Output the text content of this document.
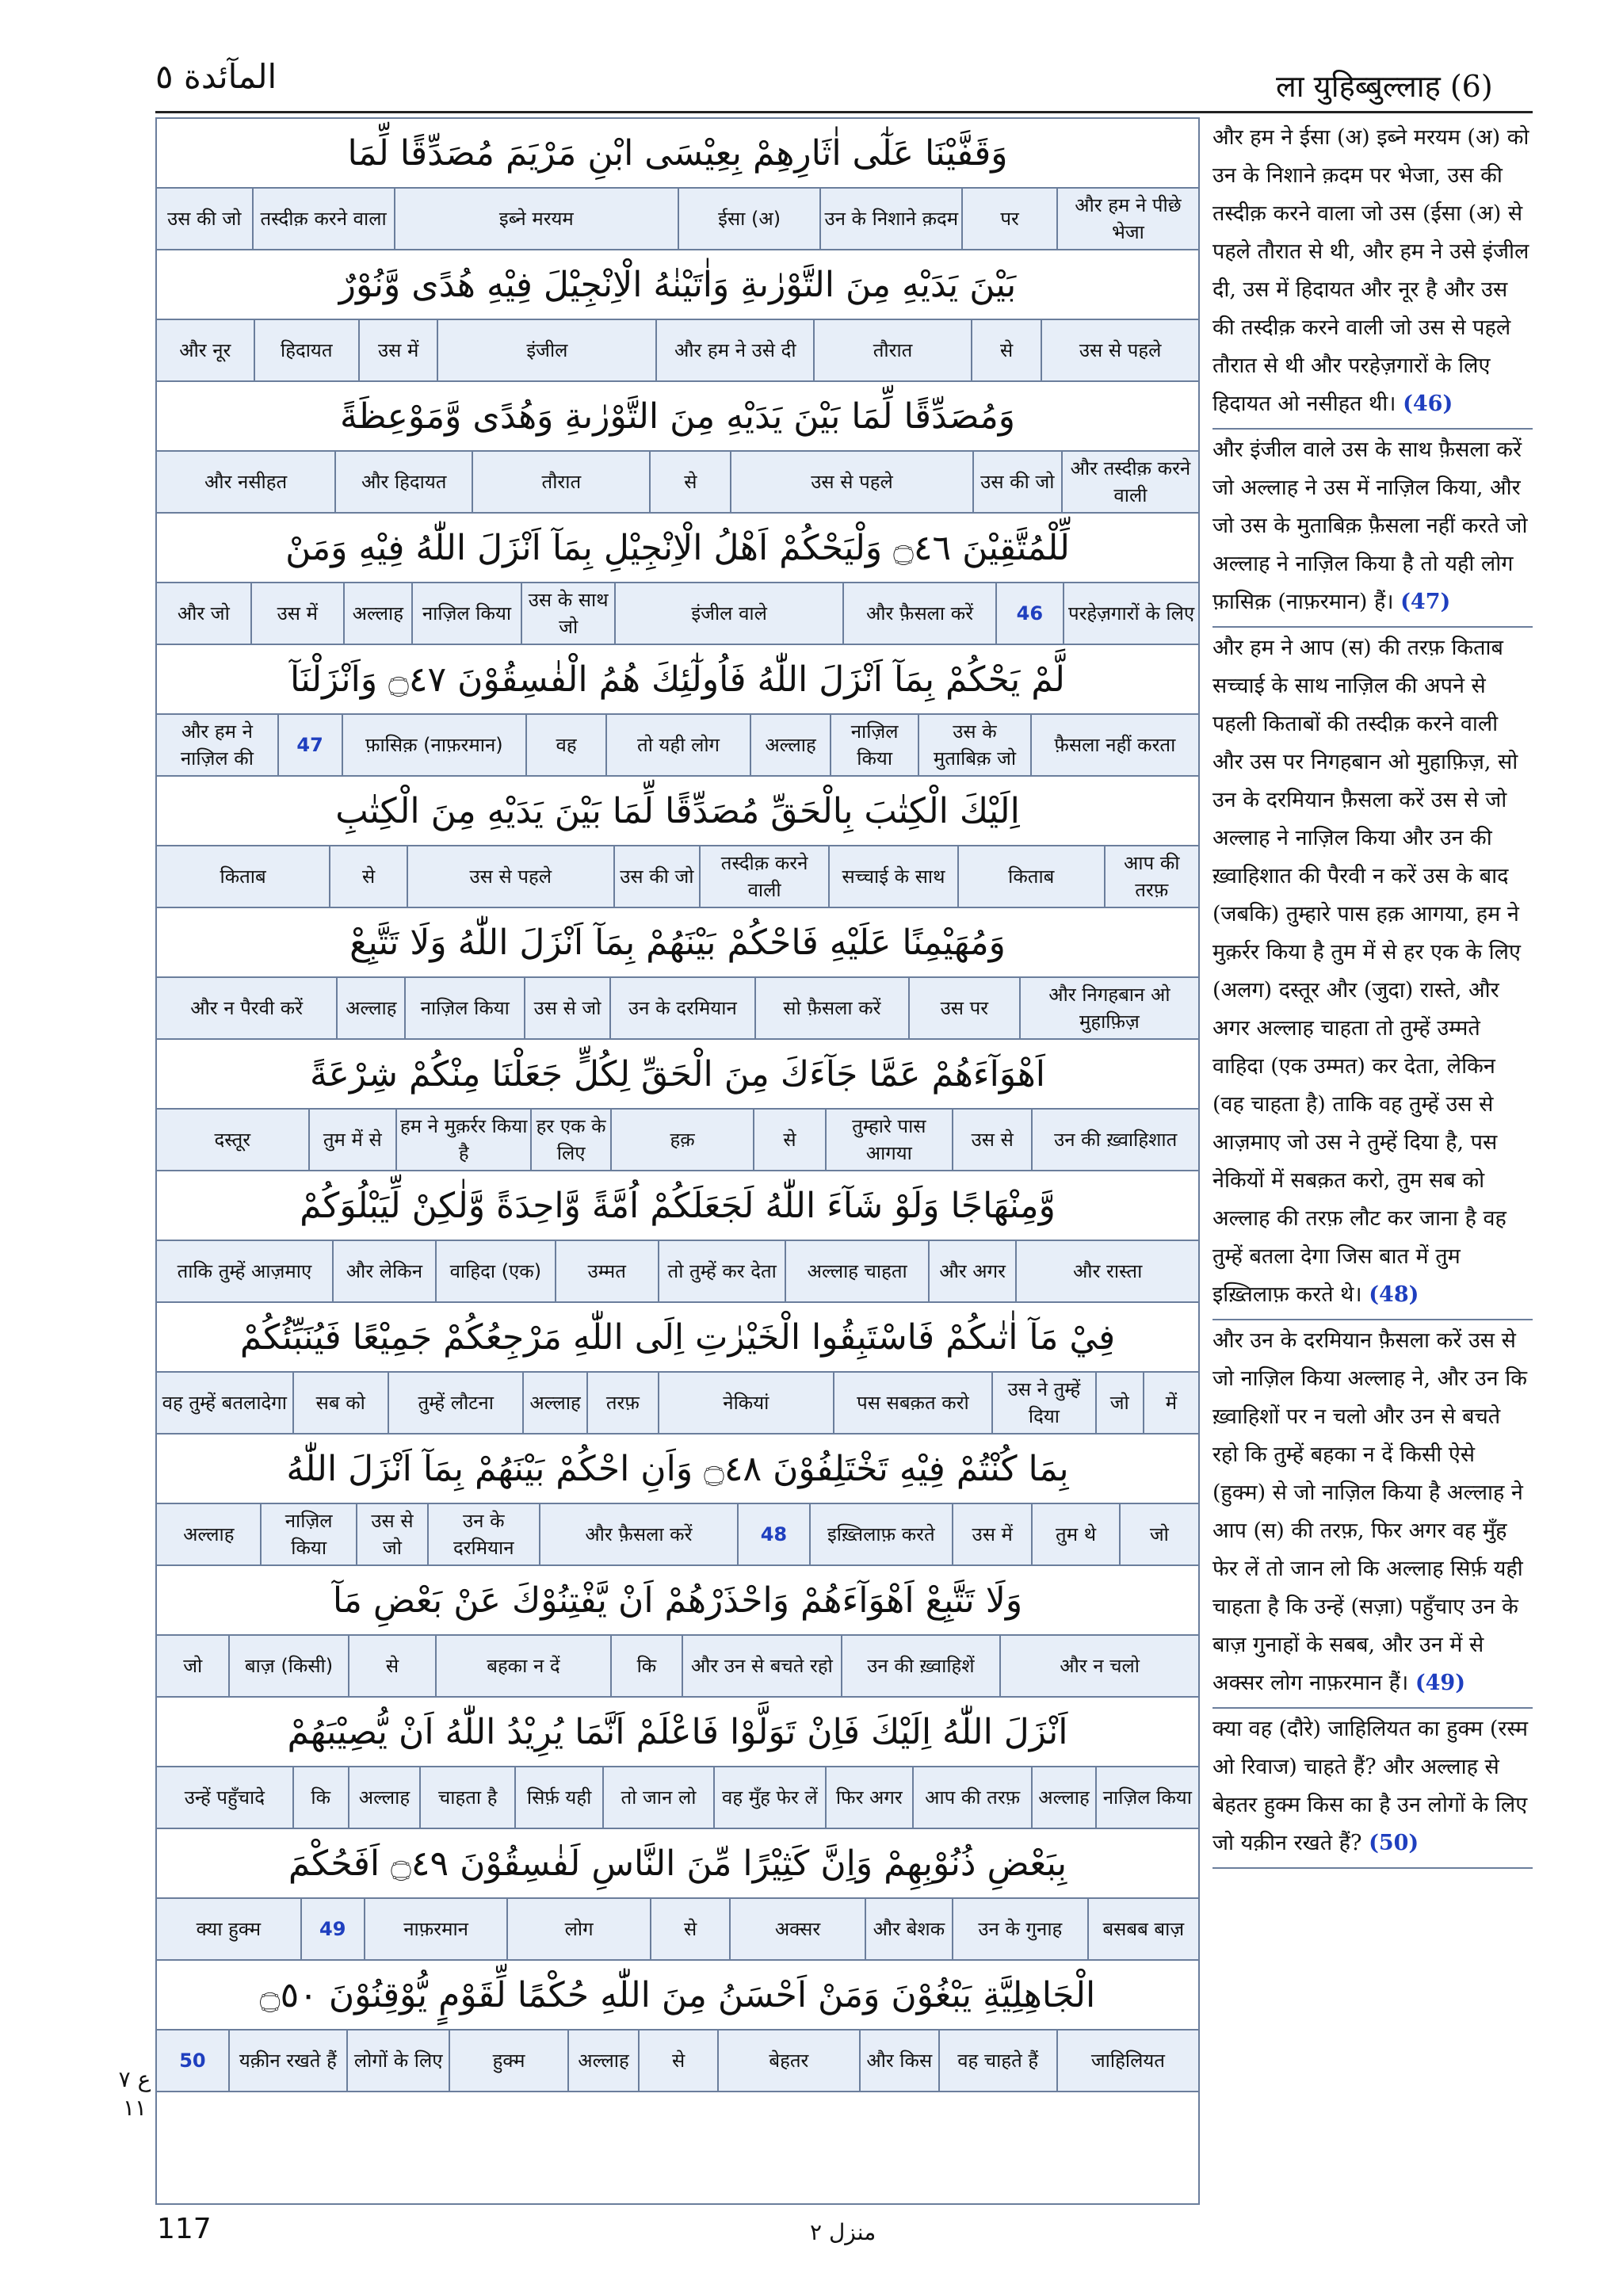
ला युहिब्बुल्लाह (6)
المآئدة ٥
وَقَفَّيْنَا عَلٰٓى اٰثَارِهِمْ بِعِيْسَى ابْنِ مَرْيَمَ مُصَدِّقًا لِّمَا
और हम ने पीछे भेजा
पर
उन के निशाने क़दम
ईसा (अ)
इब्ने मरयम
तस्दीक़ करने वाला
उस की जो
بَيْنَ يَدَيْهِ مِنَ التَّوْرٰىةِ وَاٰتَيْنٰهُ الْاِنْجِيْلَ فِيْهِ هُدًى وَّنُوْرٌ
उस से पहले
से
तौरात
और हम ने उसे दी
इंजील
उस में
हिदायत
और नूर
وَمُصَدِّقًا لِّمَا بَيْنَ يَدَيْهِ مِنَ التَّوْرٰىةِ وَهُدًى وَّمَوْعِظَةً
और तस्दीक़ करने वाली
उस की जो
उस से पहले
से
तौरात
और हिदायत
और नसीहत
لِّلْمُتَّقِيْنَ ۝٤٦ وَلْيَحْكُمْ اَهْلُ الْاِنْجِيْلِ بِمَآ اَنْزَلَ اللّٰهُ فِيْهِ وَمَنْ
परहेज़गारों के लिए
46
और फ़ैसला करें
इंजील वाले
उस के साथ जो
नाज़िल किया
अल्लाह
उस में
और जो
لَّمْ يَحْكُمْ بِمَآ اَنْزَلَ اللّٰهُ فَاُولٰٓئِكَ هُمُ الْفٰسِقُوْنَ ۝٤٧ وَاَنْزَلْنَآ
फ़ैसला नहीं करता
उस के मुताबिक़ जो
नाज़िल किया
अल्लाह
तो यही लोग
वह
फ़ासिक़ (नाफ़रमान)
47
और हम ने नाज़िल की
اِلَيْكَ الْكِتٰبَ بِالْحَقِّ مُصَدِّقًا لِّمَا بَيْنَ يَدَيْهِ مِنَ الْكِتٰبِ
आप की तरफ़
किताब
सच्चाई के साथ
तस्दीक़ करने वाली
उस की जो
उस से पहले
से
किताब
وَمُهَيْمِنًا عَلَيْهِ فَاحْكُمْ بَيْنَهُمْ بِمَآ اَنْزَلَ اللّٰهُ وَلَا تَتَّبِعْ
और निगहबान ओ मुहाफ़िज़
उस पर
सो फ़ैसला करें
उन के दरमियान
उस से जो
नाज़िल किया
अल्लाह
और न पैरवी करें
اَهْوَآءَهُمْ عَمَّا جَآءَكَ مِنَ الْحَقِّ لِكُلٍّ جَعَلْنَا مِنْكُمْ شِرْعَةً
उन की ख़्वाहिशात
उस से
तुम्हारे पास आगया
से
हक़
हर एक के लिए
हम ने मुक़र्रर किया है
तुम में से
दस्तूर
وَّمِنْهَاجًا وَلَوْ شَآءَ اللّٰهُ لَجَعَلَكُمْ اُمَّةً وَّاحِدَةً وَّلٰكِنْ لِّيَبْلُوَكُمْ
और रास्ता
और अगर
अल्लाह चाहता
तो तुम्हें कर देता
उम्मत
वाहिदा (एक)
और लेकिन
ताकि तुम्हें आज़माए
فِيْ مَآ اٰتٰىكُمْ فَاسْتَبِقُوا الْخَيْرٰتِ اِلَى اللّٰهِ مَرْجِعُكُمْ جَمِيْعًا فَيُنَبِّئُكُمْ
में
जो
उस ने तुम्हें दिया
पस सबक़त करो
नेकियां
तरफ़
अल्लाह
तुम्हें लौटना
सब को
वह तुम्हें बतलादेगा
بِمَا كُنْتُمْ فِيْهِ تَخْتَلِفُوْنَ ۝٤٨ وَاَنِ احْكُمْ بَيْنَهُمْ بِمَآ اَنْزَلَ اللّٰهُ
जो
तुम थे
उस में
इख़्तिलाफ़ करते
48
और फ़ैसला करें
उन के दरमियान
उस से जो
नाज़िल किया
अल्लाह
وَلَا تَتَّبِعْ اَهْوَآءَهُمْ وَاحْذَرْهُمْ اَنْ يَّفْتِنُوْكَ عَنْ بَعْضِ مَآ
और न चलो
उन की ख़्वाहिशें
और उन से बचते रहो
कि
बहका न दें
से
बाज़ (किसी)
जो
اَنْزَلَ اللّٰهُ اِلَيْكَ فَاِنْ تَوَلَّوْا فَاعْلَمْ اَنَّمَا يُرِيْدُ اللّٰهُ اَنْ يُّصِيْبَهُمْ
नाज़िल किया
अल्लाह
आप की तरफ़
फिर अगर
वह मुँह फेर लें
तो जान लो
सिर्फ़ यही
चाहता है
अल्लाह
कि
उन्हें पहुँचादे
بِبَعْضِ ذُنُوْبِهِمْ وَاِنَّ كَثِيْرًا مِّنَ النَّاسِ لَفٰسِقُوْنَ ۝٤٩ اَفَحُكْمَ
बसबब बाज़
उन के गुनाह
और बेशक
अक्सर
से
लोग
नाफ़रमान
49
क्या हुक्म
الْجَاهِلِيَّةِ يَبْغُوْنَ وَمَنْ اَحْسَنُ مِنَ اللّٰهِ حُكْمًا لِّقَوْمٍ يُّوْقِنُوْنَ ۝٥٠
जाहिलियत
वह चाहते हैं
और किस
बेहतर
से
अल्लाह
हुक्म
लोगों के लिए
यक़ीन रखते हैं
50
और हम ने ईसा (अ) इब्ने मरयम (अ) को उन के निशाने क़दम पर भेजा, उस की तस्दीक़ करने वाला जो उस (ईसा (अ) से पहले तौरात से थी, और हम ने उसे इंजील दी, उस में हिदायत और नूर है और उस की तस्दीक़ करने वाली जो उस से पहले तौरात से थी और परहेज़गारों के लिए हिदायत ओ नसीहत थी। (46)
और इंजील वाले उस के साथ फ़ैसला करें जो अल्लाह ने उस में नाज़िल किया, और जो उस के मुताबिक़ फ़ैसला नहीं करते जो अल्लाह ने नाज़िल किया है तो यही लोग फ़ासिक़ (नाफ़रमान) हैं। (47)
और हम ने आप (स) की तरफ़ किताब सच्चाई के साथ नाज़िल की अपने से पहली किताबों की तस्दीक़ करने वाली और उस पर निगहबान ओ मुहाफ़िज़, सो उन के दरमियान फ़ैसला करें उस से जो अल्लाह ने नाज़िल किया और उन की ख़्वाहिशात की पैरवी न करें उस के बाद (जबकि) तुम्हारे पास हक़ आगया, हम ने मुक़र्रर किया है तुम में से हर एक के लिए (अलग) दस्तूर और (जुदा) रास्ते, और अगर अल्लाह चाहता तो तुम्हें उम्मते वाहिदा (एक उम्मत) कर देता, लेकिन (वह चाहता है) ताकि वह तुम्हें उस से आज़माए जो उस ने तुम्हें दिया है, पस नेकियों में सबक़त करो, तुम सब को अल्लाह की तरफ़ लौट कर जाना है वह तुम्हें बतला देगा जिस बात में तुम इख़्तिलाफ़ करते थे। (48)
और उन के दरमियान फ़ैसला करें उस से जो नाज़िल किया अल्लाह ने, और उन कि ख़्वाहिशों पर न चलो और उन से बचते रहो कि तुम्हें बहका न दें किसी ऐसे (हुक्म) से जो नाज़िल किया है अल्लाह ने आप (स) की तरफ़, फिर अगर वह मुँह फेर लें तो जान लो कि अल्लाह सिर्फ़ यही चाहता है कि उन्हें (सज़ा) पहुँचाए उन के बाज़ गुनाहों के सबब, और उन में से अक्सर लोग नाफ़रमान हैं। (49)
क्या वह (दौरे) जाहिलियत का हुक्म (रस्म ओ रिवाज) चाहते हैं? और अल्लाह से बेहतर हुक्म किस का है उन लोगों के लिए जो यक़ीन रखते हैं? (50)
ع ٧ ١١
117	منزل ٢
